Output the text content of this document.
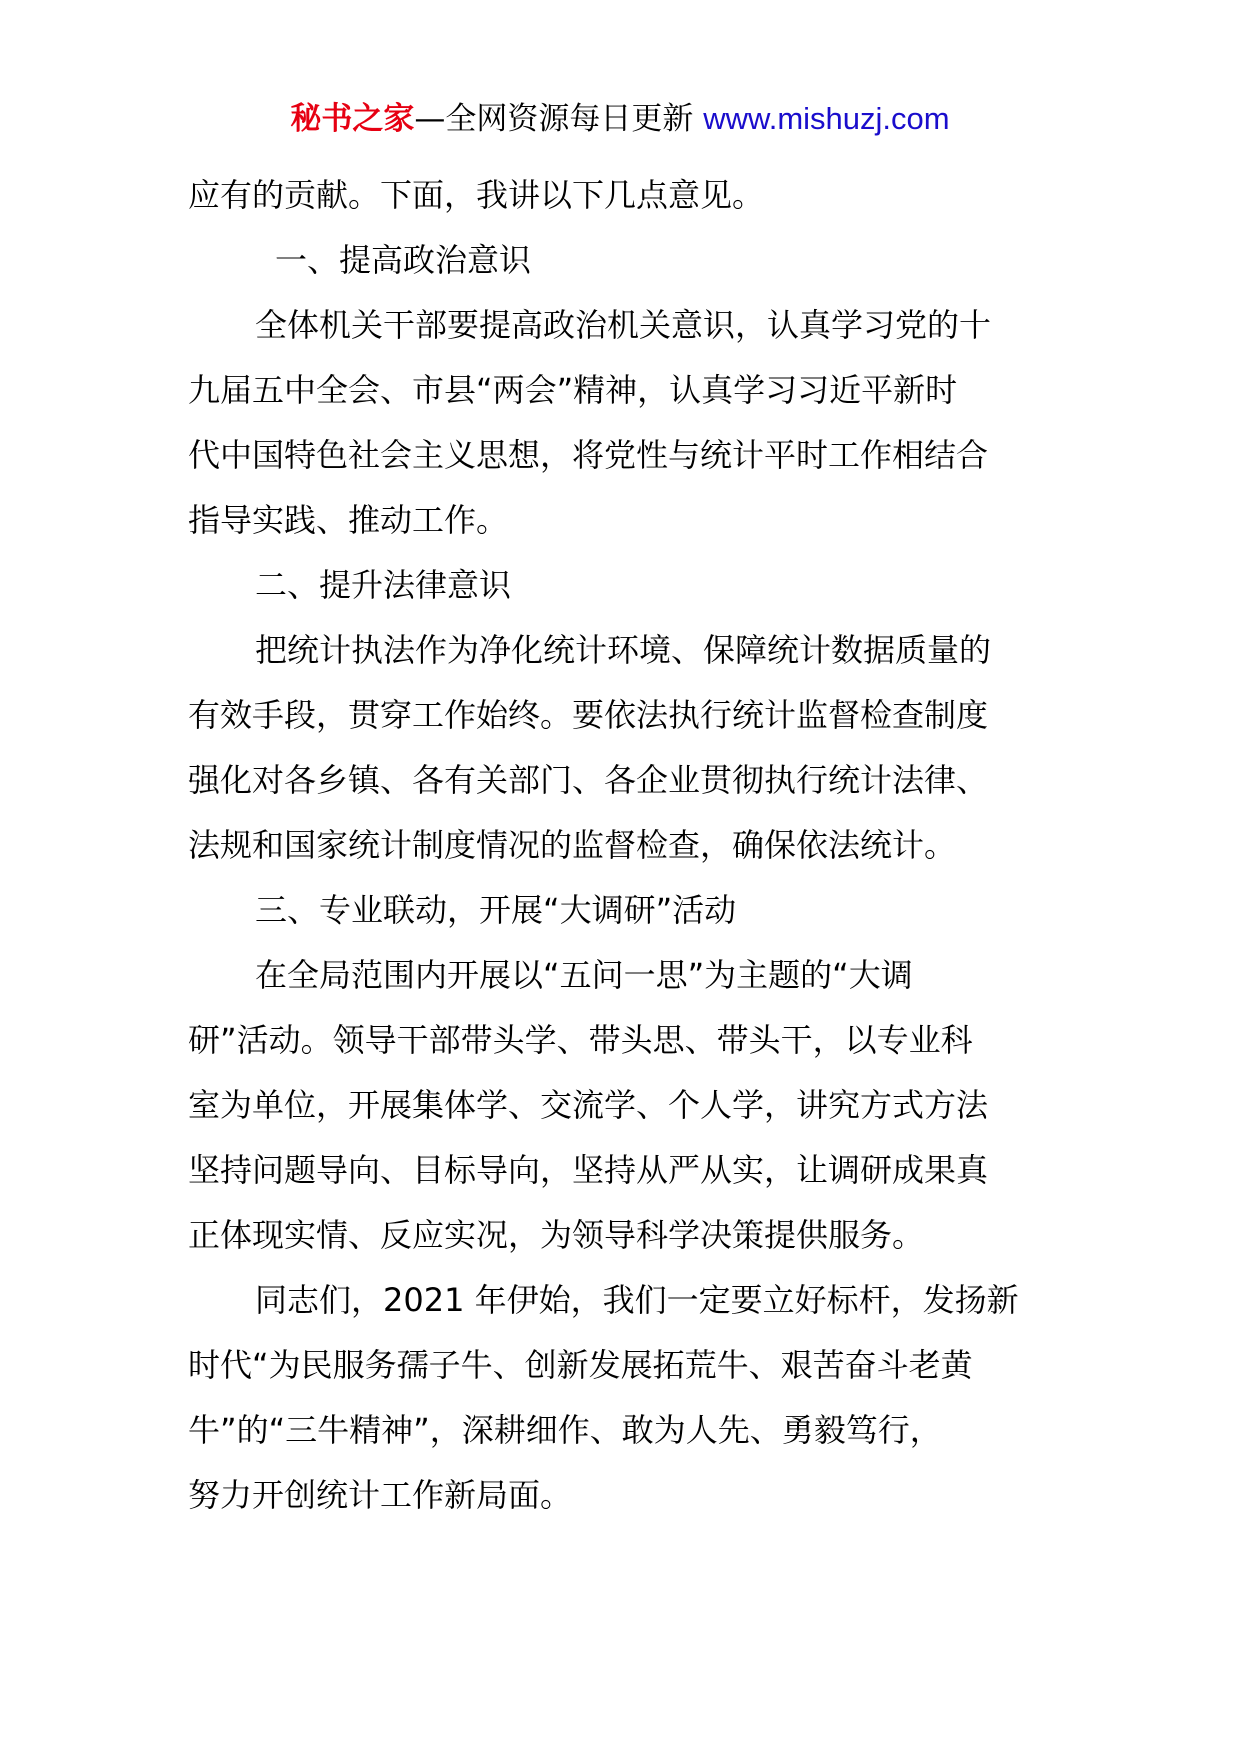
秘书之家—全网资源每日更新 www.mishuzj.com
应有的贡献。下面，我讲以下几点意见。
一、提高政治意识
全体机关干部要提高政治机关意识，认真学习党的十
九届五中全会、市县“两会”精神，认真学习习近平新时
代中国特色社会主义思想，将党性与统计平时工作相结合
指导实践、推动工作。
二、提升法律意识
把统计执法作为净化统计环境、保障统计数据质量的
有效手段，贯穿工作始终。要依法执行统计监督检查制度
强化对各乡镇、各有关部门、各企业贯彻执行统计法律、
法规和国家统计制度情况的监督检查，确保依法统计。
三、专业联动，开展“大调研”活动
在全局范围内开展以“五问一思”为主题的“大调
研”活动。领导干部带头学、带头思、带头干，以专业科
室为单位，开展集体学、交流学、个人学，讲究方式方法
坚持问题导向、目标导向，坚持从严从实，让调研成果真
正体现实情、反应实况，为领导科学决策提供服务。
同志们，2021 年伊始，我们一定要立好标杆，发扬新
时代“为民服务孺子牛、创新发展拓荒牛、艰苦奋斗老黄
牛”的“三牛精神”，深耕细作、敢为人先、勇毅笃行，
努力开创统计工作新局面。
